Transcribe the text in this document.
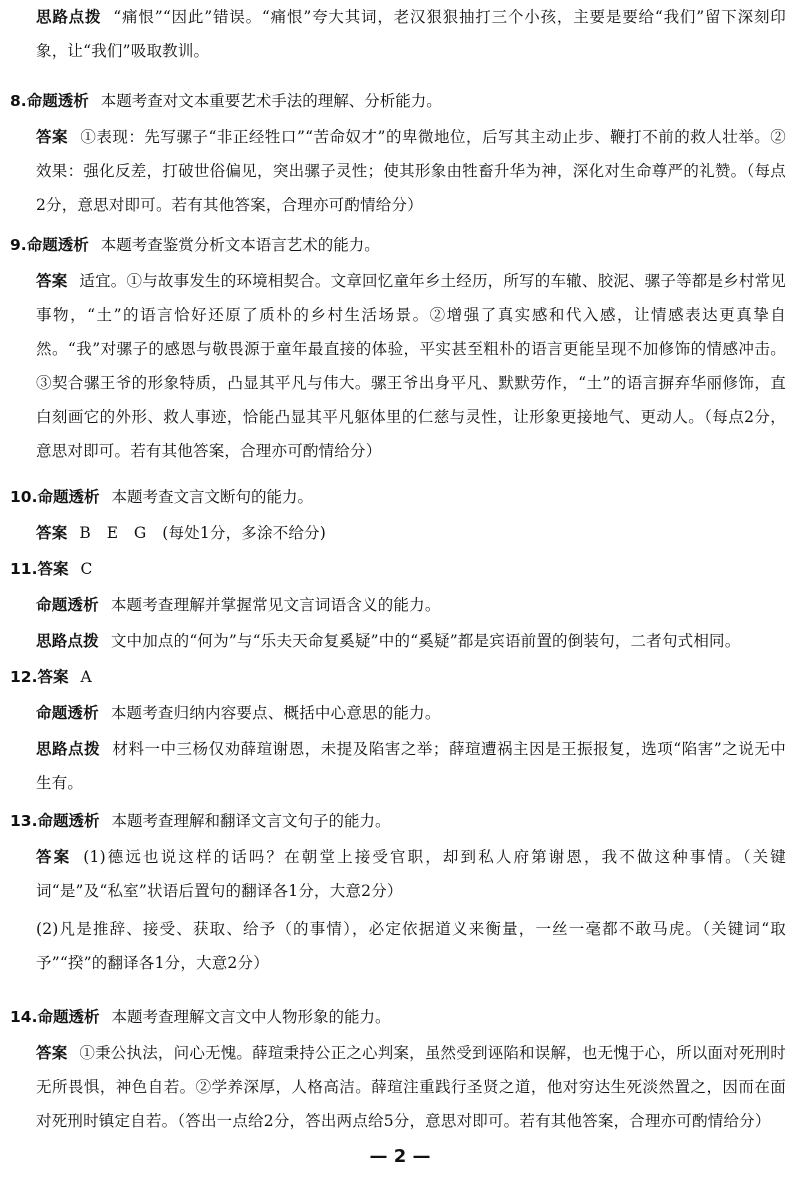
思路点拨 “痛恨”“因此”错误。“痛恨”夸大其词，老汉狠狠抽打三个小孩，主要是要给“我们”留下深刻印象，让“我们”吸取教训。

8.命题透析 本题考查对文本重要艺术手法的理解、分析能力。

答案 ①表现：先写骡子“非正经牲口”“苦命奴才”的卑微地位，后写其主动止步、鞭打不前的救人壮举。②效果：强化反差，打破世俗偏见，突出骡子灵性；使其形象由牲畜升华为神，深化对生命尊严的礼赞。（每点2分，意思对即可。若有其他答案，合理亦可酌情给分）

9.命题透析 本题考查鉴赏分析文本语言艺术的能力。

答案 适宜。①与故事发生的环境相契合。文章回忆童年乡土经历，所写的车辙、胶泥、骡子等都是乡村常见事物，“土”的语言恰好还原了质朴的乡村生活场景。②增强了真实感和代入感，让情感表达更真挚自然。“我”对骡子的感恩与敬畏源于童年最直接的体验，平实甚至粗朴的语言更能呈现不加修饰的情感冲击。③契合骡王爷的形象特质，凸显其平凡与伟大。骡王爷出身平凡、默默劳作，“土”的语言摒弃华丽修饰，直白刻画它的外形、救人事迹，恰能凸显其平凡躯体里的仁慈与灵性，让形象更接地气、更动人。（每点2分，意思对即可。若有其他答案，合理亦可酌情给分）

10.命题透析 本题考查文言文断句的能力。

答案 B　E　G　(每处1分，多涂不给分)

11.答案 C

命题透析 本题考查理解并掌握常见文言词语含义的能力。

思路点拨 文中加点的“何为”与“乐夫天命复奚疑”中的“奚疑”都是宾语前置的倒装句，二者句式相同。

12.答案 A

命题透析 本题考查归纳内容要点、概括中心意思的能力。

思路点拨 材料一中三杨仅劝薛瑄谢恩，未提及陷害之举；薛瑄遭祸主因是王振报复，选项“陷害”之说无中生有。

13.命题透析 本题考查理解和翻译文言文句子的能力。

答案 (1)德远也说这样的话吗？在朝堂上接受官职，却到私人府第谢恩，我不做这种事情。（关键词“是”及“私室”状语后置句的翻译各1分，大意2分）

(2)凡是推辞、接受、获取、给予（的事情），必定依据道义来衡量，一丝一毫都不敢马虎。（关键词“取予”“揆”的翻译各1分，大意2分）

14.命题透析 本题考查理解文言文中人物形象的能力。

答案 ①秉公执法，问心无愧。薛瑄秉持公正之心判案，虽然受到诬陷和误解，也无愧于心，所以面对死刑时无所畏惧，神色自若。②学养深厚，人格高洁。薛瑄注重践行圣贤之道，他对穷达生死淡然置之，因而在面对死刑时镇定自若。（答出一点给2分，答出两点给5分，意思对即可。若有其他答案，合理亦可酌情给分）

— 2 —
